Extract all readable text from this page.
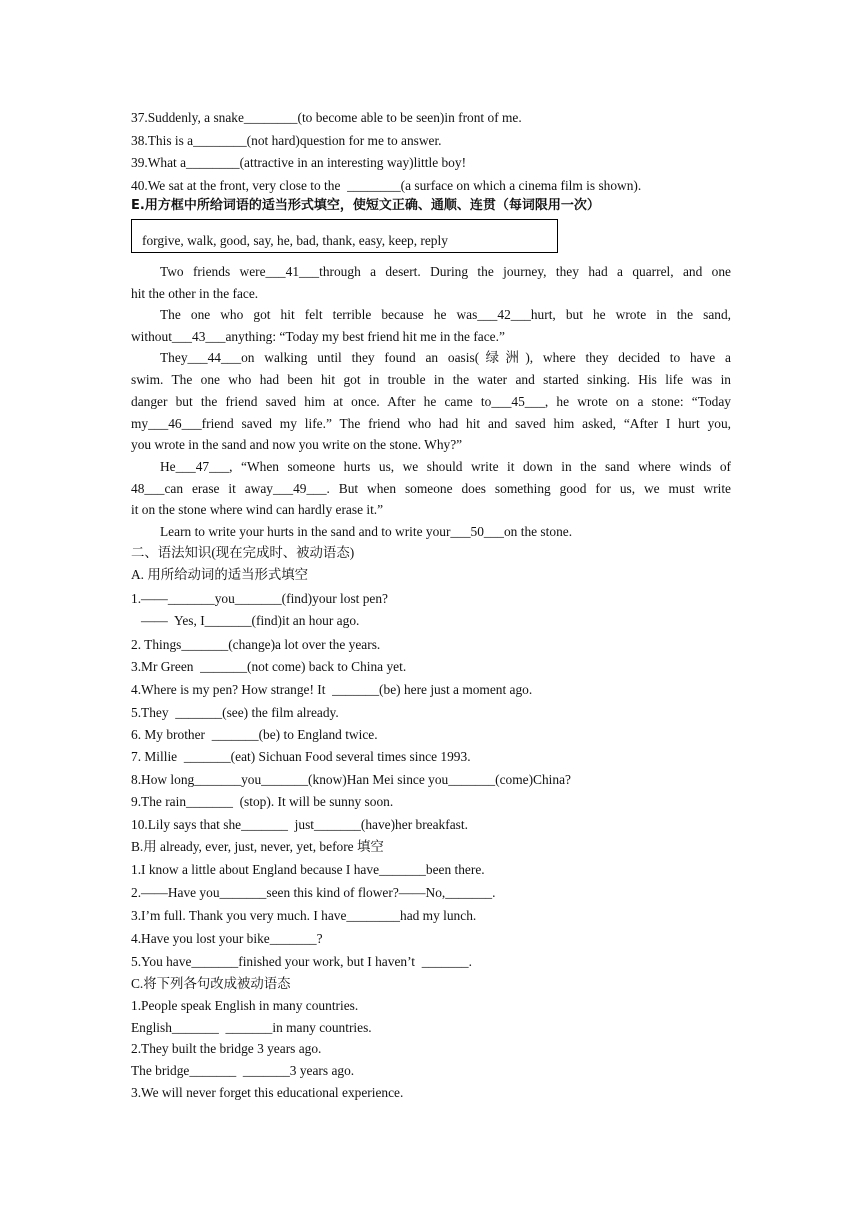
37.Suddenly, a snake________(to become able to be seen)in front of me.
38.This is a________(not hard)question for me to answer.
39.What a________(attractive in an interesting way)little boy!
40.We sat at the front, very close to the  ________(a surface on which a cinema film is shown).
E.用方框中所给词语的适当形式填空，使短文正确、通顺、连贯（每词限用一次）
forgive, walk, good, say, he, bad, thank, easy, keep, reply
Two friends were___41___through a desert. During the journey, they had a quarrel, and one
hit the other in the face.
The one who got hit felt terrible because he was___42___hurt, but he wrote in the sand,
without___43___anything: “Today my best friend hit me in the face.”
They___44___on walking until they found an oasis(绿洲), where they decided to have a
swim. The one who had been hit got in trouble in the water and started sinking. His life was in
danger but the friend saved him at once. After he came to___45___, he wrote on a stone: “Today
my___46___friend saved my life.” The friend who had hit and saved him asked, “After I hurt you,
you wrote in the sand and now you write on the stone. Why?”
He___47___, “When someone hurts us, we should write it down in the sand where winds of
48___can erase it away___49___. But when someone does something good for us, we must write
it on the stone where wind can hardly erase it.”
Learn to write your hurts in the sand and to write your___50___on the stone.
二、语法知识(现在完成时、被动语态)
A. 用所给动词的适当形式填空
1.——_______you_______(find)your lost pen?
——  Yes, I_______(find)it an hour ago.
2. Things_______(change)a lot over the years.
3.Mr Green  _______(not come) back to China yet.
4.Where is my pen? How strange! It  _______(be) here just a moment ago.
5.They  _______(see) the film already.
6. My brother  _______(be) to England twice.
7. Millie  _______(eat) Sichuan Food several times since 1993.
8.How long_______you_______(know)Han Mei since you_______(come)China?
9.The rain_______  (stop). It will be sunny soon.
10.Lily says that she_______  just_______(have)her breakfast.
B.用 already, ever, just, never, yet, before 填空
1.I know a little about England because I have_______been there.
2.——Have you_______seen this kind of flower?——No,_______.
3.I’m full. Thank you very much. I have________had my lunch.
4.Have you lost your bike_______?
5.You have_______finished your work, but I haven’t  _______.
C.将下列各句改成被动语态
1.People speak English in many countries.
English_______  _______in many countries.
2.They built the bridge 3 years ago.
The bridge_______  _______3 years ago.
3.We will never forget this educational experience.
